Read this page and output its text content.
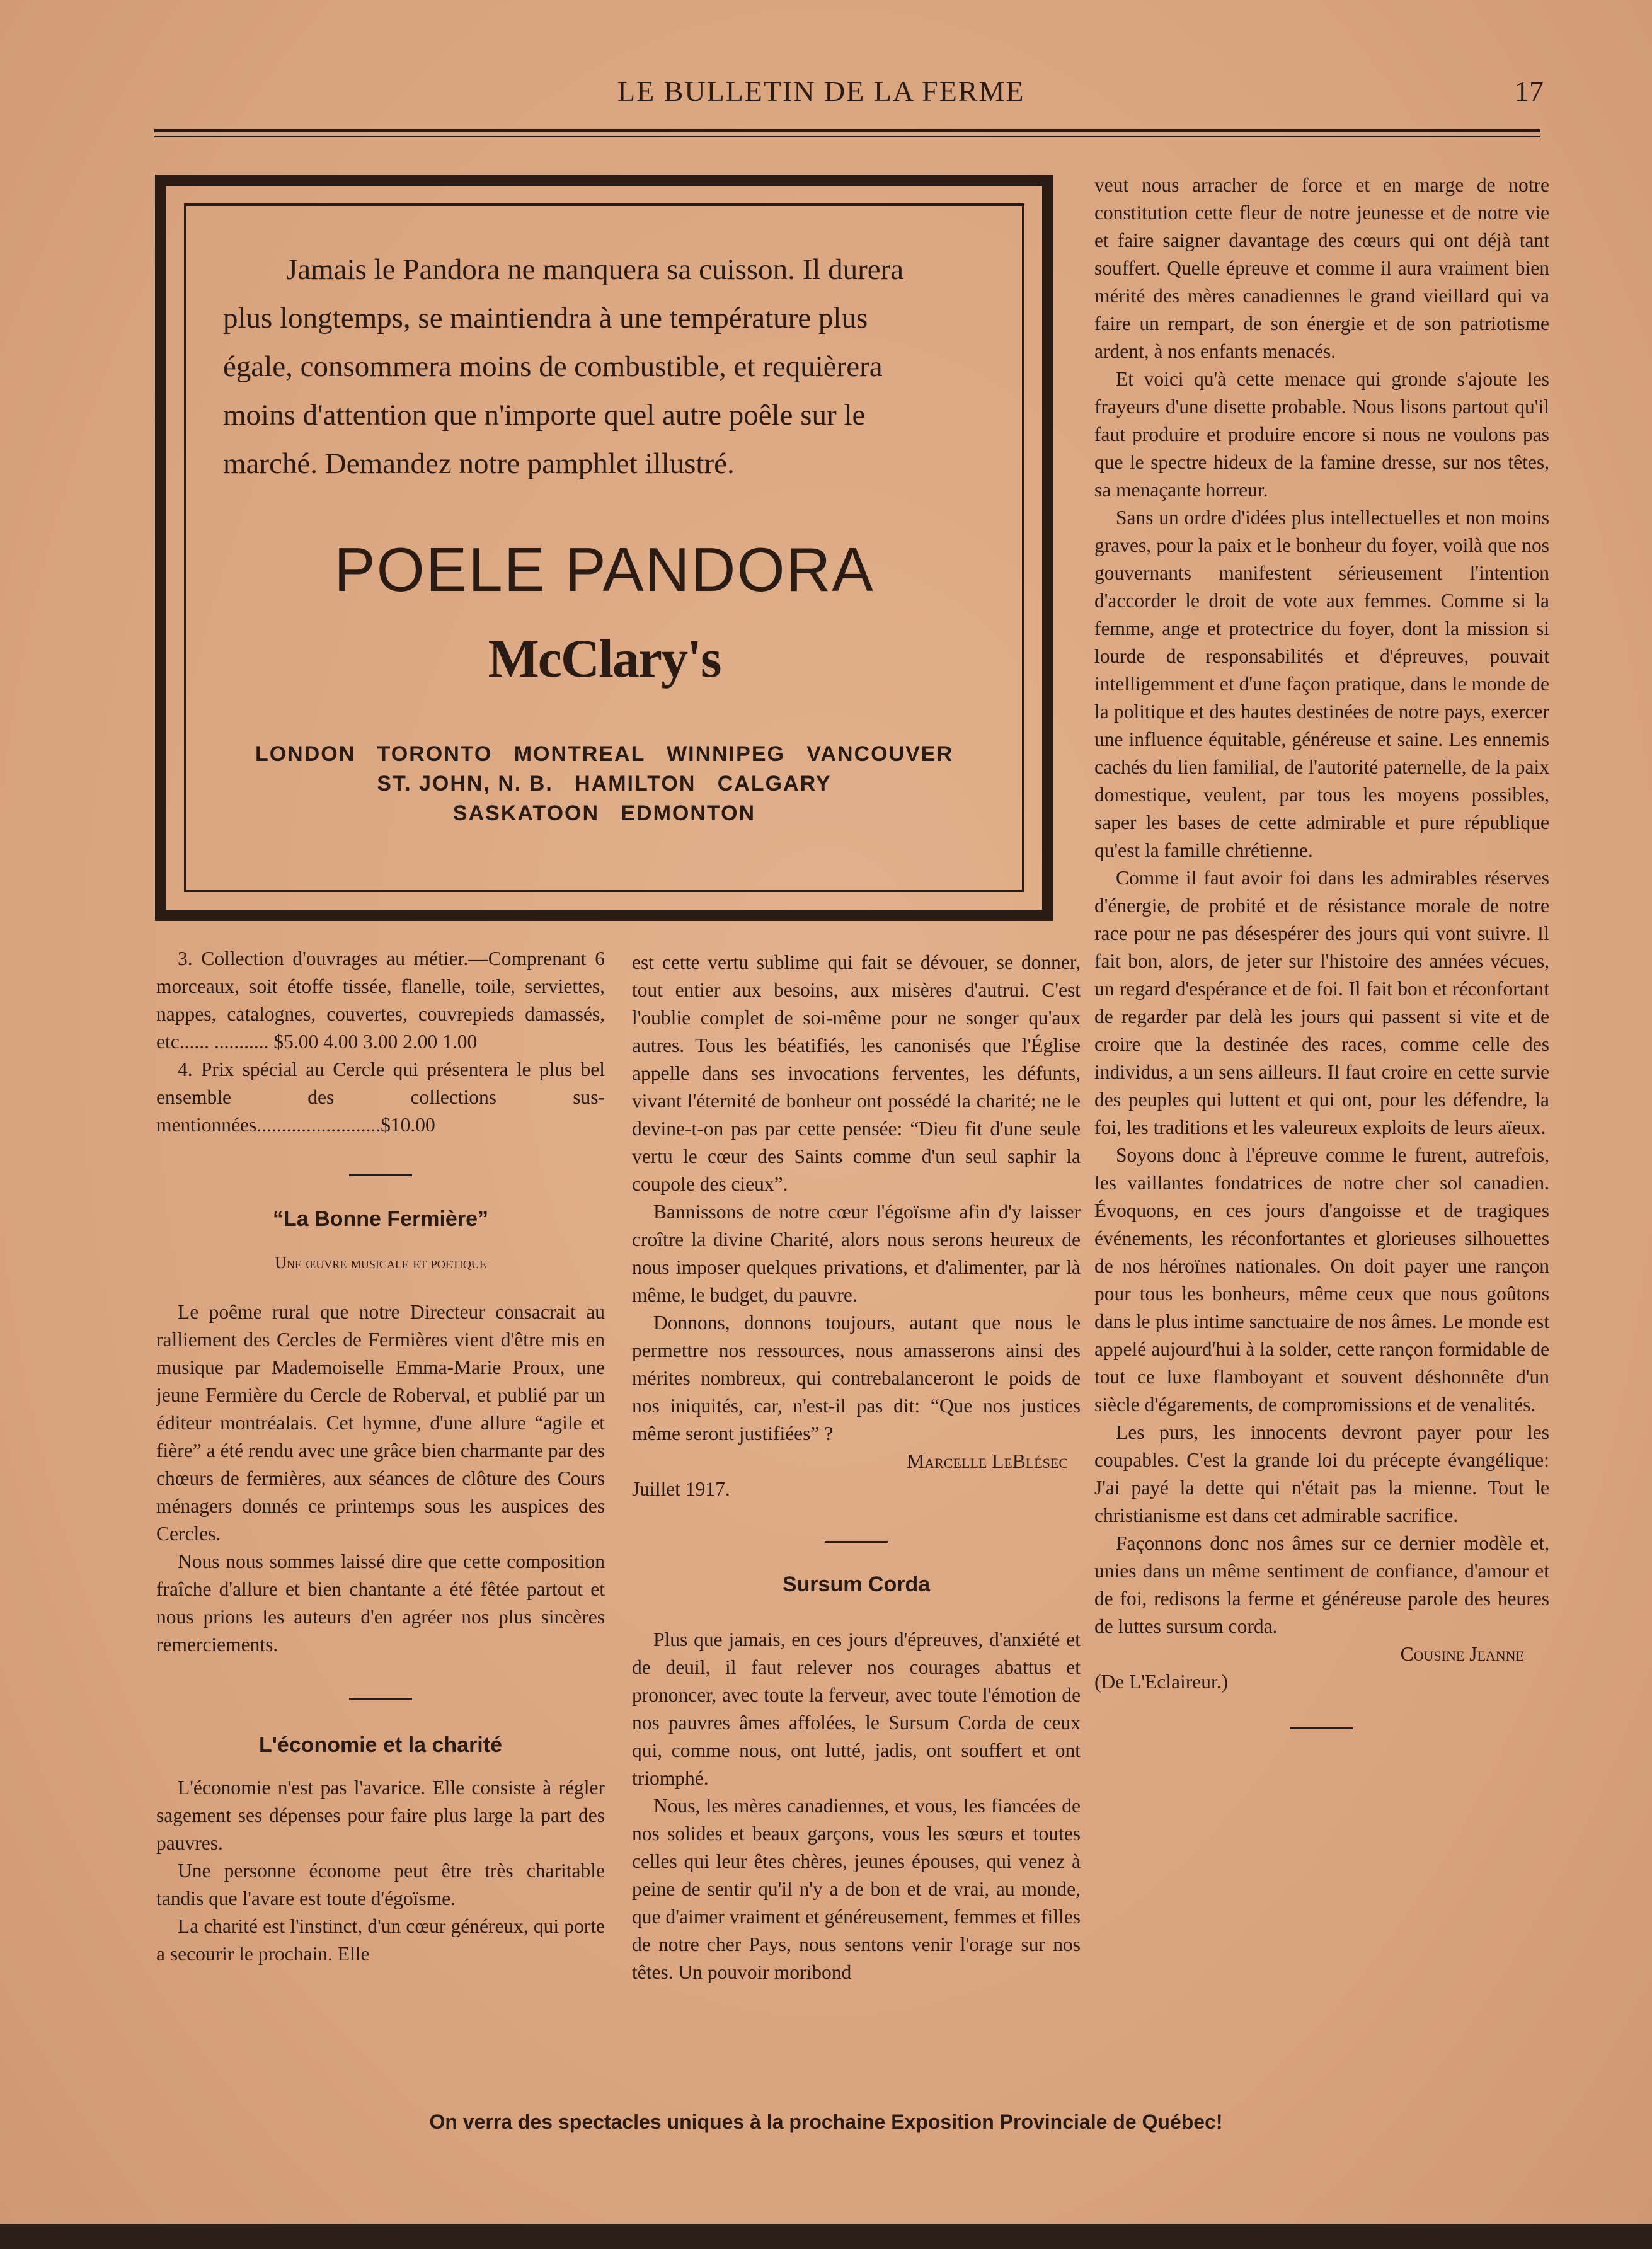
LE BULLETIN DE LA FERME	17
Jamais le Pandora ne manquera sa cuisson. Il durera
plus longtemps, se maintiendra à une température plus
égale, consommera moins de combustible, et requièrera
moins d'attention que n'importe quel autre poêle sur le
marché. Demandez notre pamphlet illustré.
POELE PANDORA
McClary's
LONDON   TORONTO   MONTREAL   WINNIPEG   VANCOUVER
ST. JOHN, N. B.   HAMILTON   CALGARY
SASKATOON   EDMONTON

3. Collection d'ouvrages au métier.—Comprenant 6 morceaux, soit étoffe tissée, flanelle, toile, serviettes, nappes, catalognes, couvertes, couvrepieds damassés, etc...... ........... $5.00 4.00 3.00 2.00 1.00

4. Prix spécial au Cercle qui présentera le plus bel ensemble des collections sus-mentionnées.........................$10.00

“La Bonne Fermière”
Une œuvre musicale et poetique

Le poême rural que notre Directeur consacrait au ralliement des Cercles de Fermières vient d'être mis en musique par Mademoiselle Emma-Marie Proux, une jeune Fermière du Cercle de Roberval, et publié par un éditeur montréalais. Cet hymne, d'une allure “agile et fière” a été rendu avec une grâce bien charmante par des chœurs de fermières, aux séances de clôture des Cours ménagers donnés ce printemps sous les auspices des Cercles.

Nous nous sommes laissé dire que cette composition fraîche d'allure et bien chantante a été fêtée partout et nous prions les auteurs d'en agréer nos plus sincères remerciements.

L'économie et la charité

L'économie n'est pas l'avarice. Elle consiste à régler sagement ses dépenses pour faire plus large la part des pauvres.

Une personne économe peut être très charitable tandis que l'avare est toute d'égoïsme.

La charité est l'instinct, d'un cœur généreux, qui porte a secourir le prochain. Elle

est cette vertu sublime qui fait se dévouer, se donner, tout entier aux besoins, aux misères d'autrui. C'est l'oublie complet de soi-même pour ne songer qu'aux autres. Tous les béatifiés, les canonisés que l'Église appelle dans ses invocations ferventes, les défunts, vivant l'éternité de bonheur ont possédé la charité; ne le devine-t-on pas par cette pensée: “Dieu fit d'une seule vertu le cœur des Saints comme d'un seul saphir la coupole des cieux”.

Bannissons de notre cœur l'égoïsme afin d'y laisser croître la divine Charité, alors nous serons heureux de nous imposer quelques privations, et d'alimenter, par là même, le budget, du pauvre.

Donnons, donnons toujours, autant que nous le permettre nos ressources, nous amasserons ainsi des mérites nombreux, qui contrebalanceront le poids de nos iniquités, car, n'est-il pas dit: “Que nos justices même seront justifiées” ?

Marcelle LeBlésec
Juillet 1917.
Sursum Corda

Plus que jamais, en ces jours d'épreuves, d'anxiété et de deuil, il faut relever nos courages abattus et prononcer, avec toute la ferveur, avec toute l'émotion de nos pauvres âmes affolées, le Sursum Corda de ceux qui, comme nous, ont lutté, jadis, ont souffert et ont triomphé.

Nous, les mères canadiennes, et vous, les fiancées de nos solides et beaux garçons, vous les sœurs et toutes celles qui leur êtes chères, jeunes épouses, qui venez à peine de sentir qu'il n'y a de bon et de vrai, au monde, que d'aimer vraiment et généreusement, femmes et filles de notre cher Pays, nous sentons venir l'orage sur nos têtes. Un pouvoir moribond

veut nous arracher de force et en marge de notre constitution cette fleur de notre jeunesse et de notre vie et faire saigner davantage des cœurs qui ont déjà tant souffert. Quelle épreuve et comme il aura vraiment bien mérité des mères canadiennes le grand vieillard qui va faire un rempart, de son énergie et de son patriotisme ardent, à nos enfants menacés.

Et voici qu'à cette menace qui gronde s'ajoute les frayeurs d'une disette probable. Nous lisons partout qu'il faut produire et produire encore si nous ne voulons pas que le spectre hideux de la famine dresse, sur nos têtes, sa menaçante horreur.

Sans un ordre d'idées plus intellectuelles et non moins graves, pour la paix et le bonheur du foyer, voilà que nos gouvernants manifestent sérieusement l'intention d'accorder le droit de vote aux femmes. Comme si la femme, ange et protectrice du foyer, dont la mission si lourde de responsabilités et d'épreuves, pouvait intelligemment et d'une façon pratique, dans le monde de la politique et des hautes destinées de notre pays, exercer une influence équitable, généreuse et saine. Les ennemis cachés du lien familial, de l'autorité paternelle, de la paix domestique, veulent, par tous les moyens possibles, saper les bases de cette admirable et pure république qu'est la famille chrétienne.

Comme il faut avoir foi dans les admirables réserves d'énergie, de probité et de résistance morale de notre race pour ne pas désespérer des jours qui vont suivre. Il fait bon, alors, de jeter sur l'histoire des années vécues, un regard d'espérance et de foi. Il fait bon et réconfortant de regarder par delà les jours qui passent si vite et de croire que la destinée des races, comme celle des individus, a un sens ailleurs. Il faut croire en cette survie des peuples qui luttent et qui ont, pour les défendre, la foi, les traditions et les valeureux exploits de leurs aïeux.

Soyons donc à l'épreuve comme le furent, autrefois, les vaillantes fondatrices de notre cher sol canadien. Évoquons, en ces jours d'angoisse et de tragiques événements, les réconfortantes et glorieuses silhouettes de nos héroïnes nationales. On doit payer une rançon pour tous les bonheurs, même ceux que nous goûtons dans le plus intime sanctuaire de nos âmes. Le monde est appelé aujourd'hui à la solder, cette rançon formidable de tout ce luxe flamboyant et souvent déshonnête d'un siècle d'égarements, de compromissions et de venalités.

Les purs, les innocents devront payer pour les coupables. C'est la grande loi du précepte évangélique: J'ai payé la dette qui n'était pas la mienne. Tout le christianisme est dans cet admirable sacrifice.

Façonnons donc nos âmes sur ce dernier modèle et, unies dans un même sentiment de confiance, d'amour et de foi, redisons la ferme et généreuse parole des heures de luttes sursum corda.

Cousine Jeanne
(De L'Eclaireur.)
On verra des spectacles uniques à la prochaine Exposition Provinciale de Québec!
